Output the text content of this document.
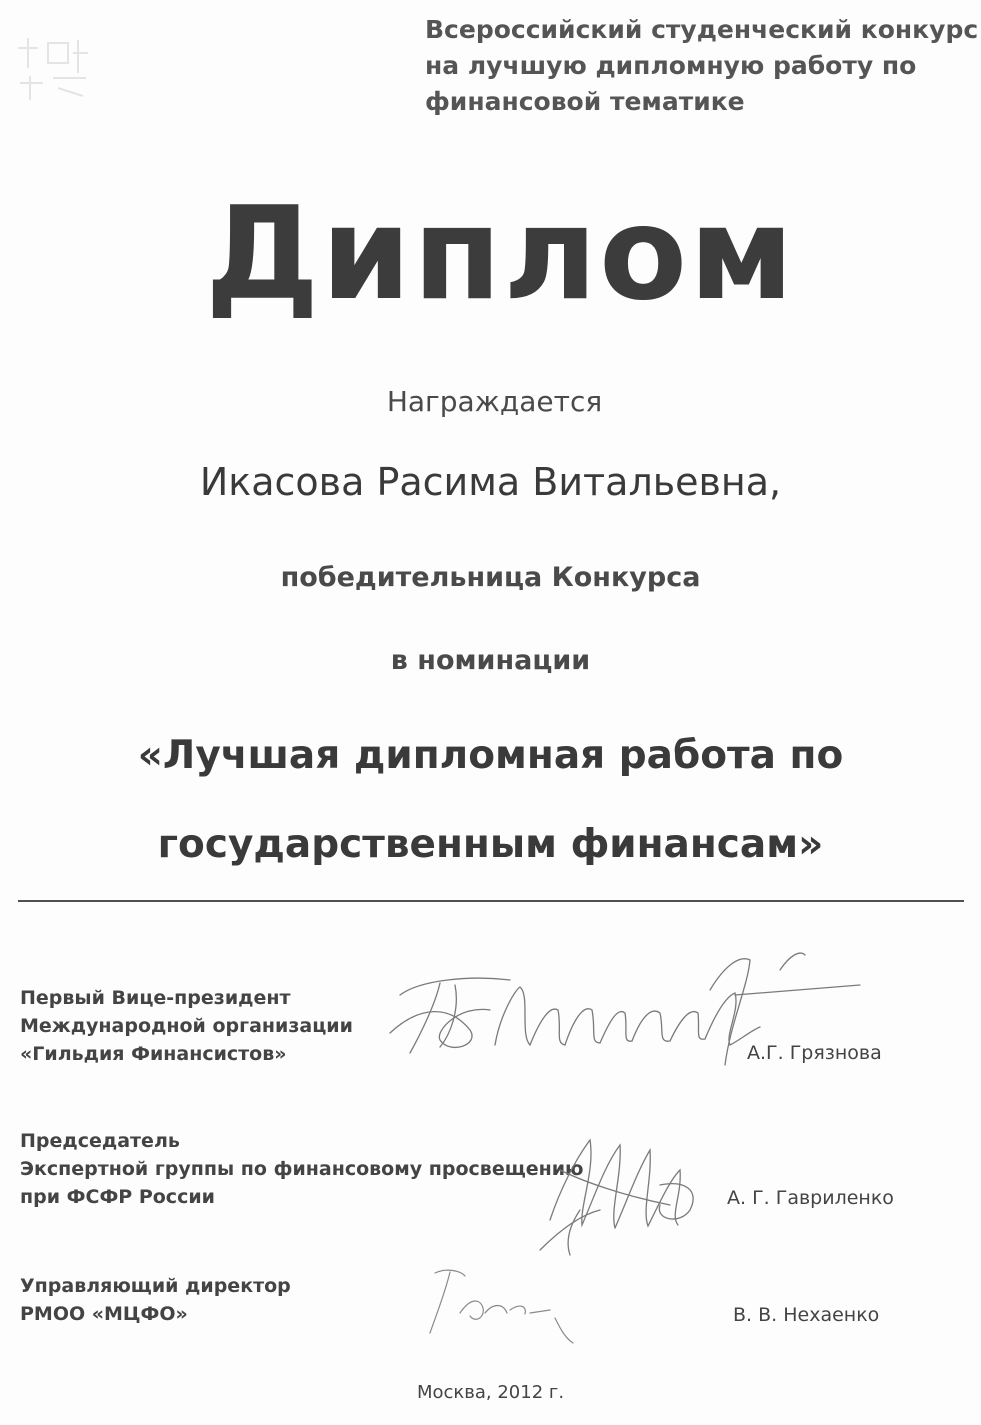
Всероссийский студенческий конкурс
на лучшую дипломную работу по
финансовой тематике
Диплом
Награждается
Икасова Расима Витальевна,
победительница Конкурса
в номинации
«Лучшая дипломная работа по
государственным финансам»
Первый Вице-президент
Международной организации
«Гильдия Финансистов»	А.Г. Грязнова
Председатель
Экспертной группы по финансовому просвещению
при ФСФР России	А. Г. Гавриленко
Управляющий директор
РМОО «МЦФО»	В. В. Нехаенко
Москва, 2012 г.
